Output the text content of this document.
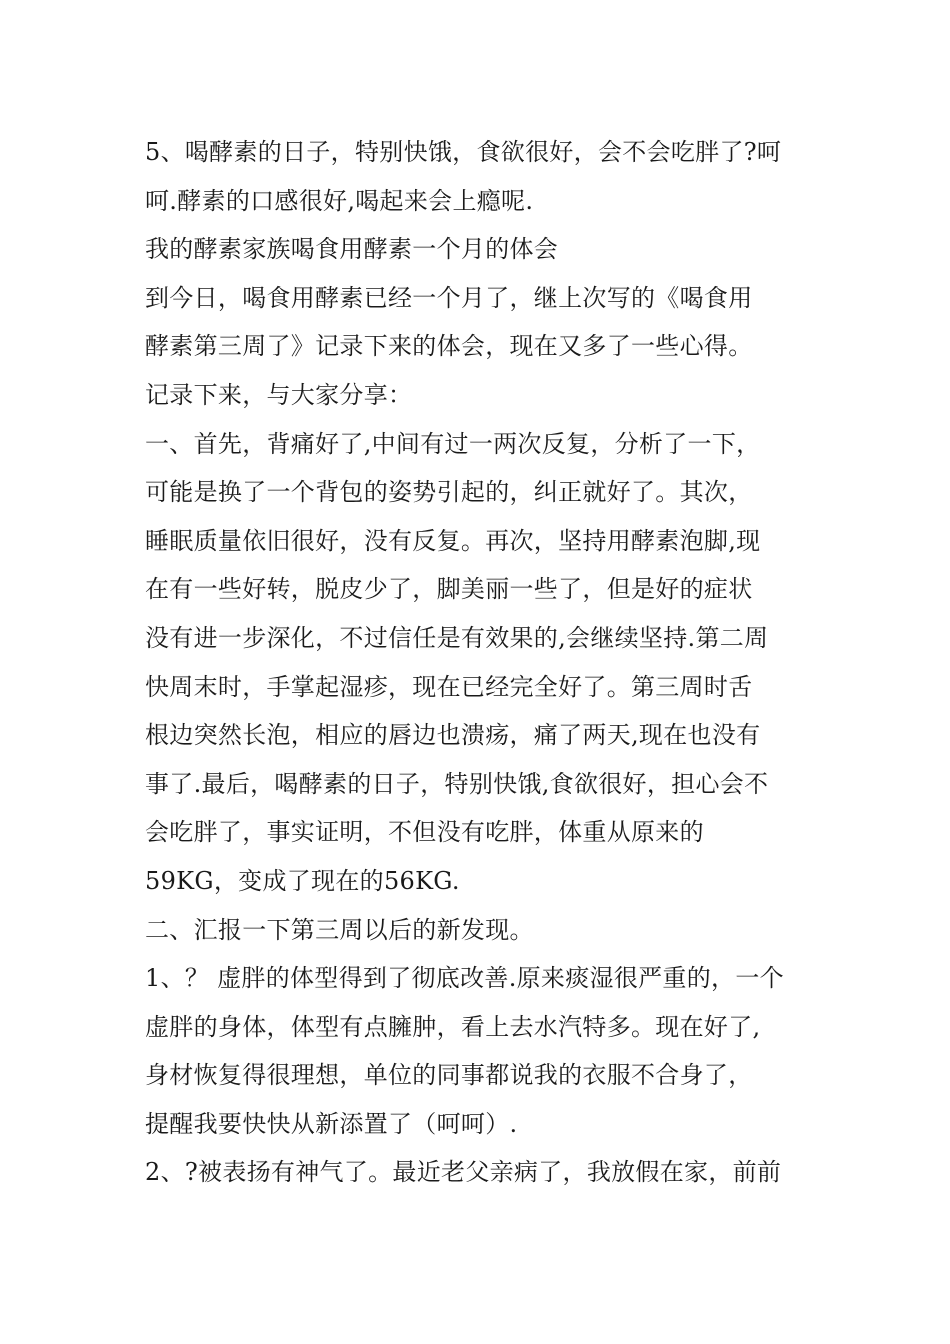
5、喝酵素的日子，特别快饿，食欲很好，会不会吃胖了?呵
呵.酵素的口感很好,喝起来会上瘾呢.
我的酵素家族喝食用酵素一个月的体会
到今日，喝食用酵素已经一个月了，继上次写的《喝食用
酵素第三周了》记录下来的体会，现在又多了一些心得。
记录下来，与大家分享：
一、首先，背痛好了,中间有过一两次反复，分析了一下，
可能是换了一个背包的姿势引起的，纠正就好了。其次，
睡眠质量依旧很好，没有反复。再次，坚持用酵素泡脚,现
在有一些好转，脱皮少了，脚美丽一些了，但是好的症状
没有进一步深化，不过信任是有效果的,会继续坚持.第二周
快周末时，手掌起湿疹，现在已经完全好了。第三周时舌
根边突然长泡，相应的唇边也溃疡，痛了两天,现在也没有
事了.最后，喝酵素的日子，特别快饿,食欲很好，担心会不
会吃胖了，事实证明，不但没有吃胖，体重从原来的
59KG，变成了现在的56KG.
二、汇报一下第三周以后的新发现。
1、？ 虚胖的体型得到了彻底改善.原来痰湿很严重的，一个
虚胖的身体，体型有点臃肿，看上去水汽特多。现在好了,
身材恢复得很理想，单位的同事都说我的衣服不合身了，
提醒我要快快从新添置了（呵呵）.
2、?被表扬有神气了。最近老父亲病了，我放假在家，前前
